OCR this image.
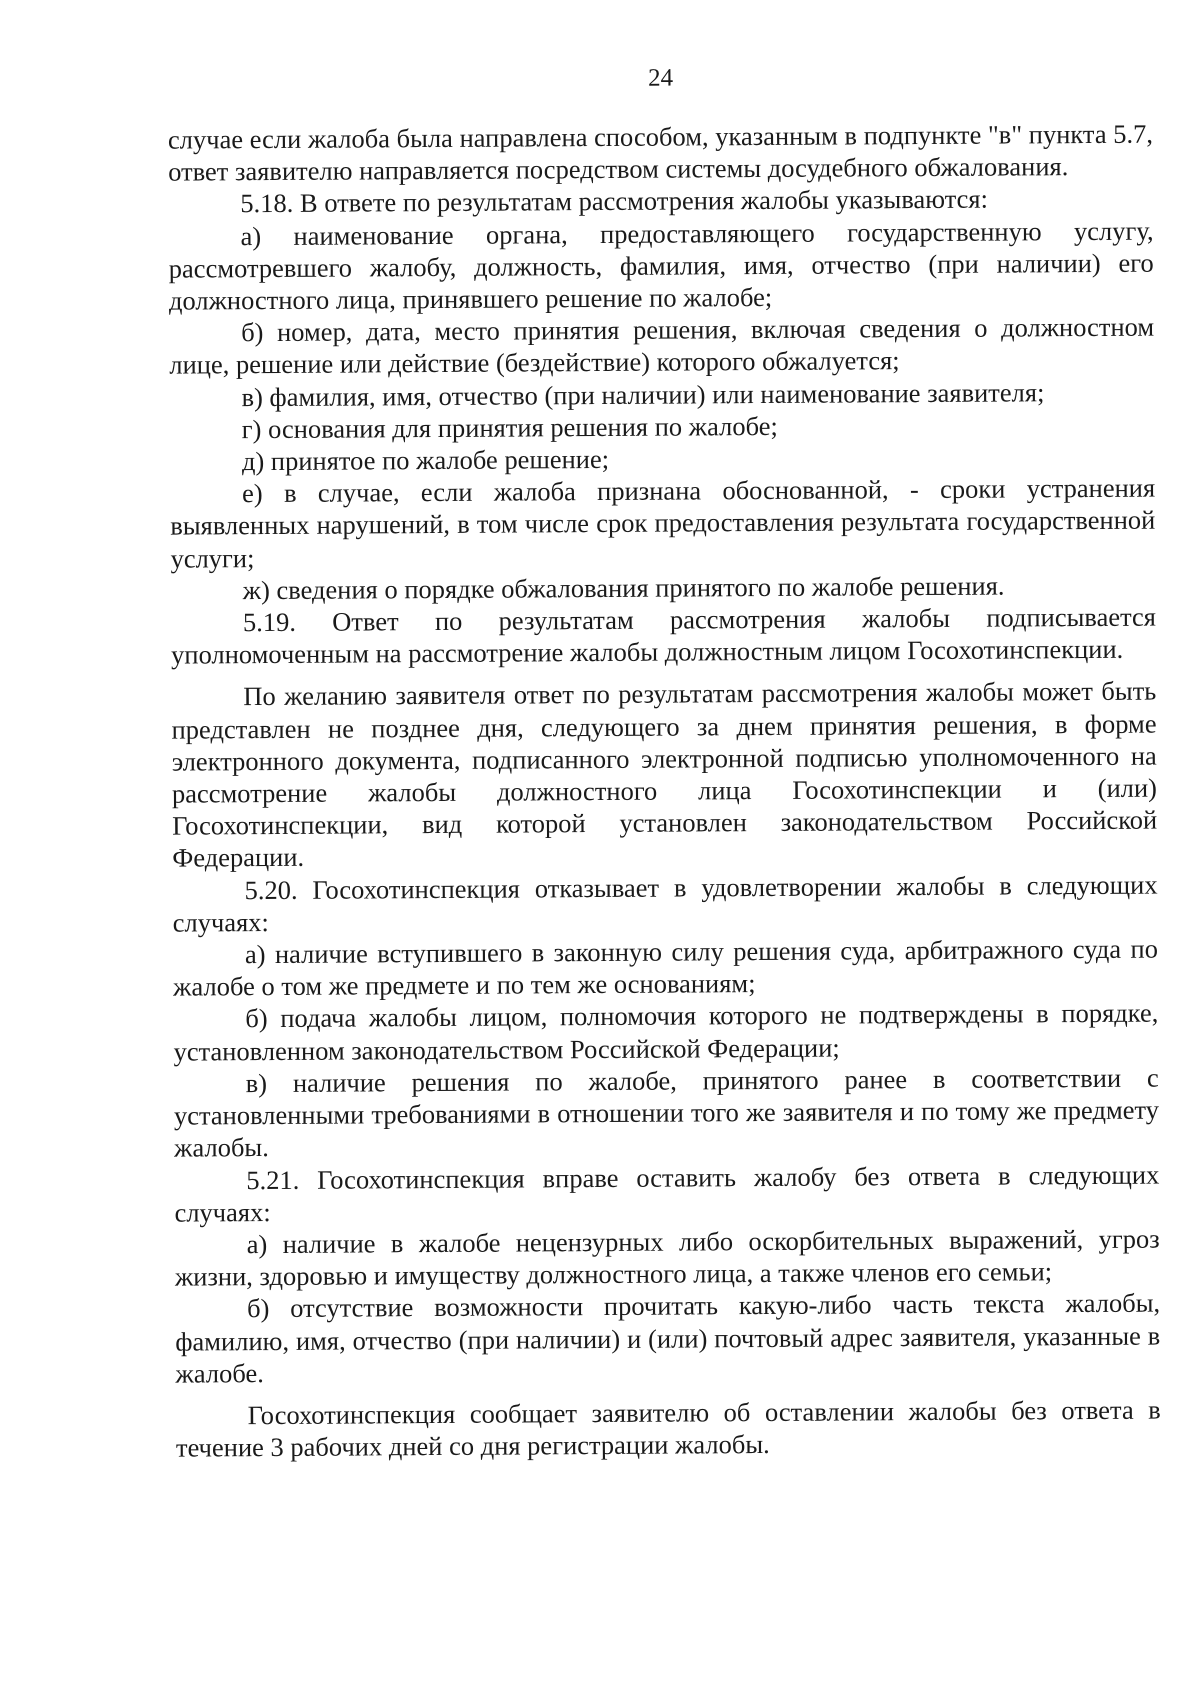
24

случае если жалоба была направлена способом, указанным в подпункте "в" пункта 5.7, ответ заявителю направляется посредством системы досудебного обжалования.

5.18. В ответе по результатам рассмотрения жалобы указываются:

а) наименование органа, предоставляющего государственную услугу, рассмотревшего жалобу, должность, фамилия, имя, отчество (при наличии) его должностного лица, принявшего решение по жалобе;

б) номер, дата, место принятия решения, включая сведения о должностном лице, решение или действие (бездействие) которого обжалуется;

в) фамилия, имя, отчество (при наличии) или наименование заявителя;

г) основания для принятия решения по жалобе;

д) принятое по жалобе решение;

е) в случае, если жалоба признана обоснованной, - сроки устранения выявленных нарушений, в том числе срок предоставления результата государственной услуги;

ж) сведения о порядке обжалования принятого по жалобе решения.

5.19. Ответ по результатам рассмотрения жалобы подписывается уполномоченным на рассмотрение жалобы должностным лицом Госохотинспекции.

По желанию заявителя ответ по результатам рассмотрения жалобы может быть представлен не позднее дня, следующего за днем принятия решения, в форме электронного документа, подписанного электронной подписью уполномоченного на рассмотрение жалобы должностного лица Госохотинспекции и (или) Госохотинспекции, вид которой установлен законодательством Российской Федерации.

5.20. Госохотинспекция отказывает в удовлетворении жалобы в следующих случаях:

а) наличие вступившего в законную силу решения суда, арбитражного суда по жалобе о том же предмете и по тем же основаниям;

б) подача жалобы лицом, полномочия которого не подтверждены в порядке, установленном законодательством Российской Федерации;

в) наличие решения по жалобе, принятого ранее в соответствии с установленными требованиями в отношении того же заявителя и по тому же предмету жалобы.

5.21. Госохотинспекция вправе оставить жалобу без ответа в следующих случаях:

а) наличие в жалобе нецензурных либо оскорбительных выражений, угроз жизни, здоровью и имуществу должностного лица, а также членов его семьи;

б) отсутствие возможности прочитать какую-либо часть текста жалобы, фамилию, имя, отчество (при наличии) и (или) почтовый адрес заявителя, указанные в жалобе.

Госохотинспекция сообщает заявителю об оставлении жалобы без ответа в течение 3 рабочих дней со дня регистрации жалобы.
